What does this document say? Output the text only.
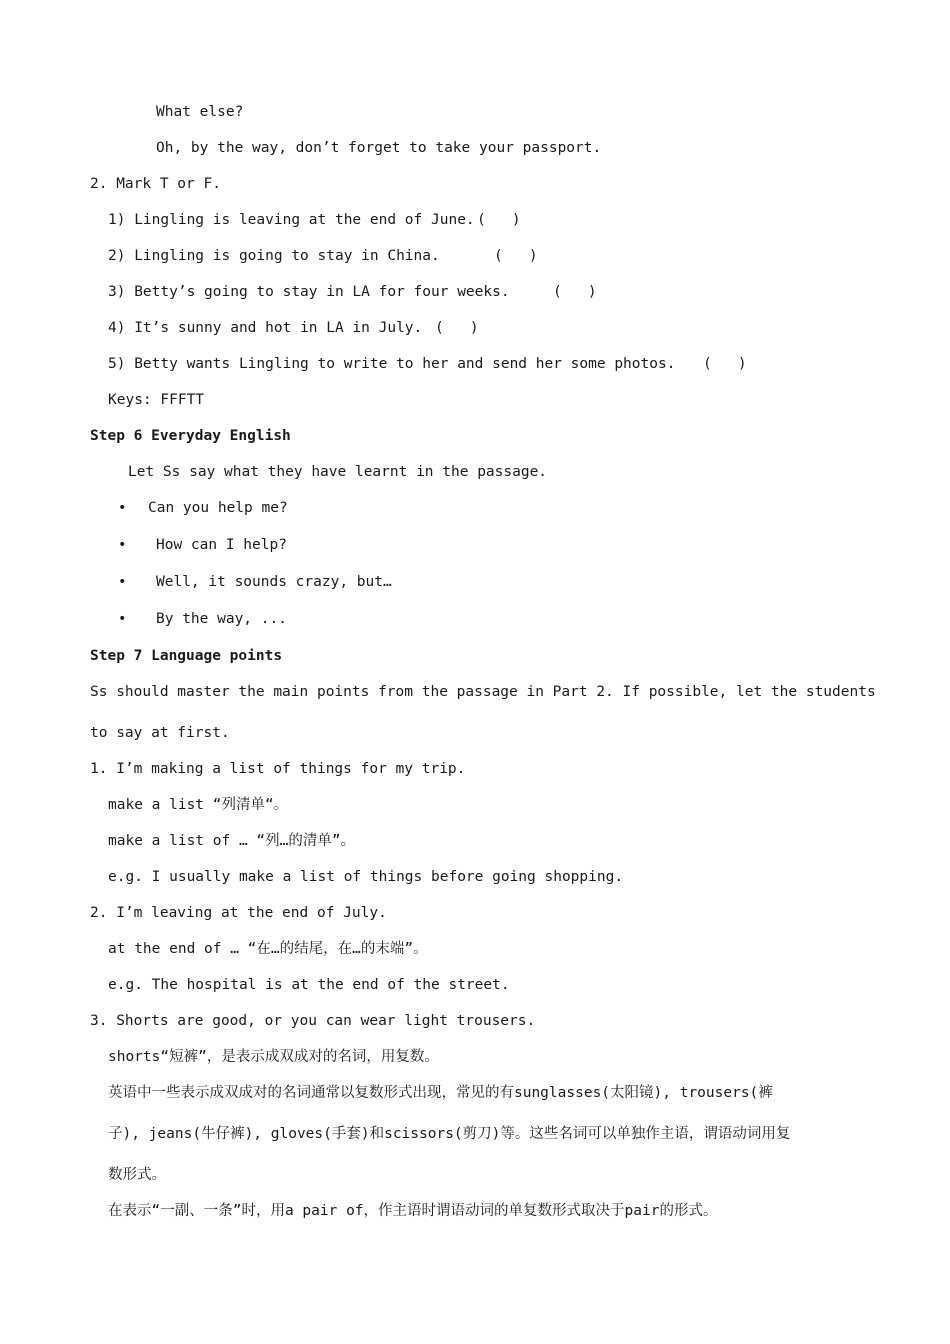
What else?
Oh, by the way, don’t forget to take your passport.
2. Mark T or F.
1) Lingling is leaving at the end of June. (   )
2) Lingling is going to stay in China.	(   )
3) Betty’s going to stay in LA for four weeks.	(   )
4) It’s sunny and hot in LA in July. (   )
5) Betty wants Lingling to write to her and send her some photos. (   )
Keys: FFFTT
Step 6 Everyday English
Let Ss say what they have learnt in the passage.
• Can you help me?
• How can I help?
• Well, it sounds crazy, but…
• By the way, ...
Step 7 Language points
Ss should master the main points from the passage in Part 2. If possible, let the students
to say at first.
1. I’m making a list of things for my trip.
make a list “列清单“。
make a list of … “列…的清单”。
e.g. I usually make a list of things before going shopping.
2. I’m leaving at the end of July.
at the end of … “在…的结尾，在…的末端”。
e.g. The hospital is at the end of the street.
3. Shorts are good, or you can wear light trousers.
shorts“短裤”，是表示成双成对的名词，用复数。
英语中一些表示成双成对的名词通常以复数形式出现，常见的有sunglasses(太阳镜), trousers(裤
子), jeans(牛仔裤), gloves(手套)和scissors(剪刀)等。这些名词可以单独作主语，谓语动词用复
数形式。
在表示“一副、一条”时，用a pair of，作主语时谓语动词的单复数形式取决于pair的形式。
